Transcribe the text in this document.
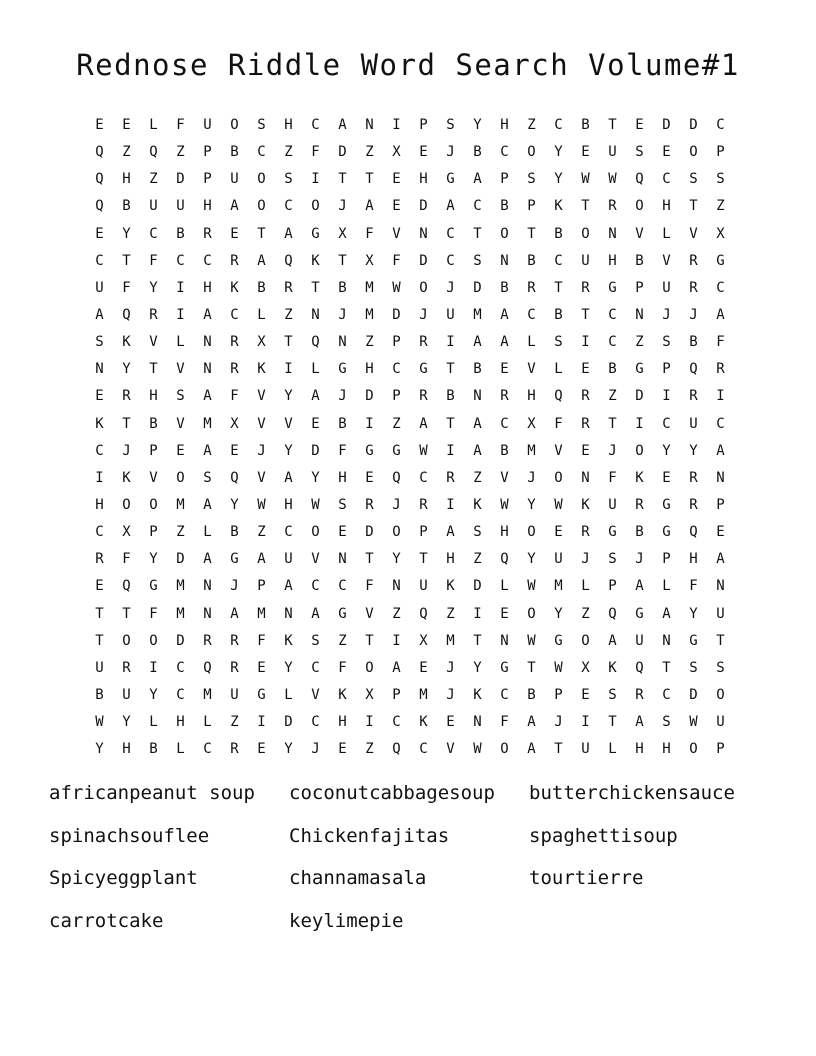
Rednose Riddle Word Search Volume#1
E	E	L	F	U	O	S	H	C	A	N	I	P	S	Y	H	Z	C	B	T	E	D	D	C
Q	Z	Q	Z	P	B	C	Z	F	D	Z	X	E	J	B	C	O	Y	E	U	S	E	O	P
Q	H	Z	D	P	U	O	S	I	T	T	E	H	G	A	P	S	Y	W	W	Q	C	S	S
Q	B	U	U	H	A	O	C	O	J	A	E	D	A	C	B	P	K	T	R	O	H	T	Z
E	Y	C	B	R	E	T	A	G	X	F	V	N	C	T	O	T	B	O	N	V	L	V	X
C	T	F	C	C	R	A	Q	K	T	X	F	D	C	S	N	B	C	U	H	B	V	R	G
U	F	Y	I	H	K	B	R	T	B	M	W	O	J	D	B	R	T	R	G	P	U	R	C
A	Q	R	I	A	C	L	Z	N	J	M	D	J	U	M	A	C	B	T	C	N	J	J	A
S	K	V	L	N	R	X	T	Q	N	Z	P	R	I	A	A	L	S	I	C	Z	S	B	F
N	Y	T	V	N	R	K	I	L	G	H	C	G	T	B	E	V	L	E	B	G	P	Q	R
E	R	H	S	A	F	V	Y	A	J	D	P	R	B	N	R	H	Q	R	Z	D	I	R	I
K	T	B	V	M	X	V	V	E	B	I	Z	A	T	A	C	X	F	R	T	I	C	U	C
C	J	P	E	A	E	J	Y	D	F	G	G	W	I	A	B	M	V	E	J	O	Y	Y	A
I	K	V	O	S	Q	V	A	Y	H	E	Q	C	R	Z	V	J	O	N	F	K	E	R	N
H	O	O	M	A	Y	W	H	W	S	R	J	R	I	K	W	Y	W	K	U	R	G	R	P
C	X	P	Z	L	B	Z	C	O	E	D	O	P	A	S	H	O	E	R	G	B	G	Q	E
R	F	Y	D	A	G	A	U	V	N	T	Y	T	H	Z	Q	Y	U	J	S	J	P	H	A
E	Q	G	M	N	J	P	A	C	C	F	N	U	K	D	L	W	M	L	P	A	L	F	N
T	T	F	M	N	A	M	N	A	G	V	Z	Q	Z	I	E	O	Y	Z	Q	G	A	Y	U
T	O	O	D	R	R	F	K	S	Z	T	I	X	M	T	N	W	G	O	A	U	N	G	T
U	R	I	C	Q	R	E	Y	C	F	O	A	E	J	Y	G	T	W	X	K	Q	T	S	S
B	U	Y	C	M	U	G	L	V	K	X	P	M	J	K	C	B	P	E	S	R	C	D	O
W	Y	L	H	L	Z	I	D	C	H	I	C	K	E	N	F	A	J	I	T	A	S	W	U
Y	H	B	L	C	R	E	Y	J	E	Z	Q	C	V	W	O	A	T	U	L	H	H	O	P
africanpeanut soup	coconutcabbagesoup	butterchickensauce
spinachsouflee	Chickenfajitas	spaghettisoup
Spicyeggplant	channamasala	tourtierre
carrotcake	keylimepie
